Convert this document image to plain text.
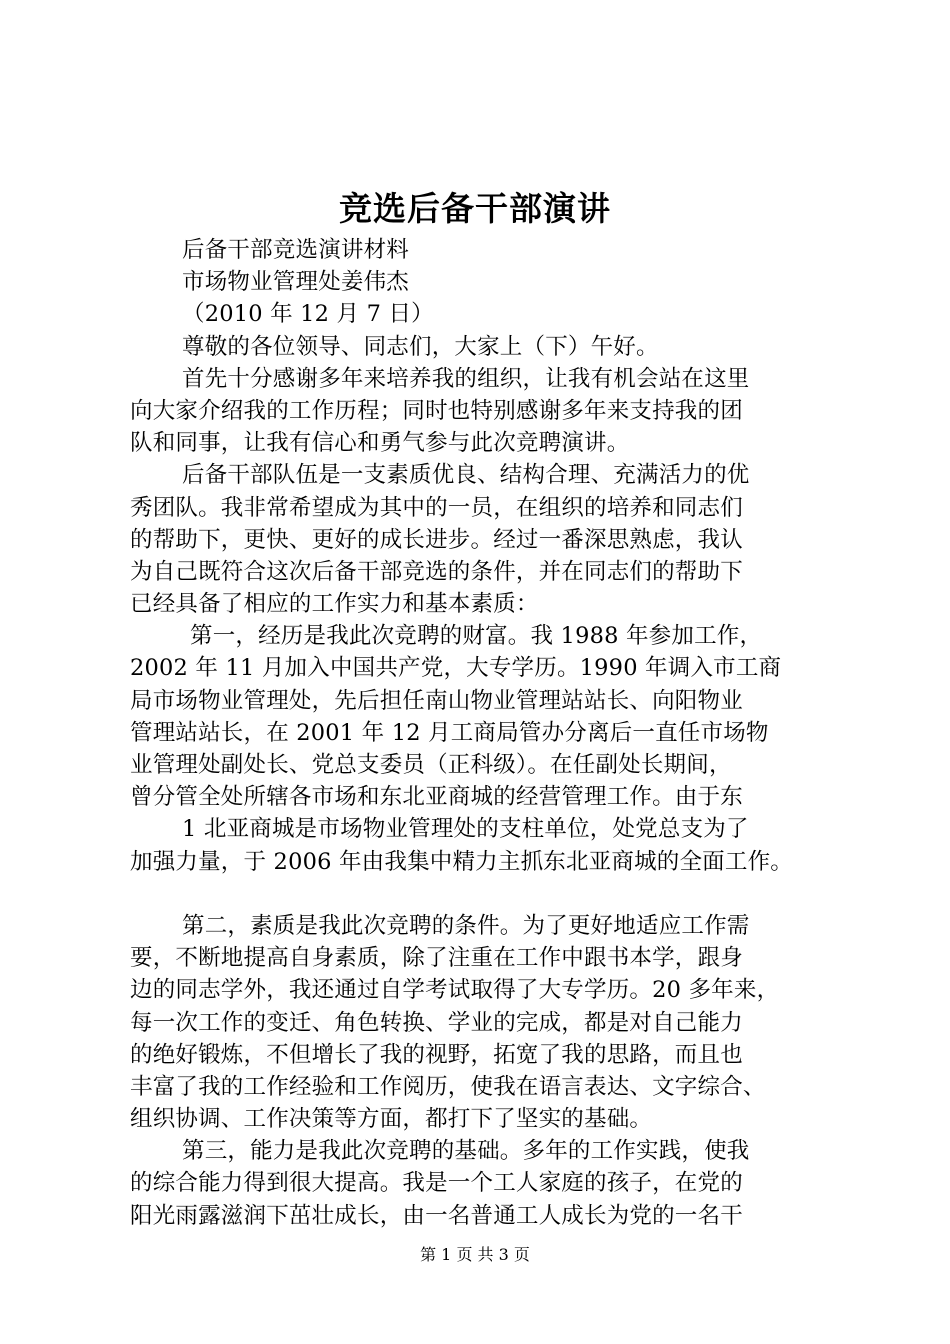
竞选后备干部演讲
后备干部竞选演讲材料
市场物业管理处姜伟杰
（2010 年 12 月 7 日）
尊敬的各位领导、同志们，大家上（下）午好。
首先十分感谢多年来培养我的组织，让我有机会站在这里
向大家介绍我的工作历程；同时也特别感谢多年来支持我的团
队和同事，让我有信心和勇气参与此次竞聘演讲。
后备干部队伍是一支素质优良、结构合理、充满活力的优
秀团队。我非常希望成为其中的一员，在组织的培养和同志们
的帮助下，更快、更好的成长进步。经过一番深思熟虑，我认
为自己既符合这次后备干部竞选的条件，并在同志们的帮助下
已经具备了相应的工作实力和基本素质：
第一，经历是我此次竞聘的财富。我 1988 年参加工作，
2002 年 11 月加入中国共产党，大专学历。1990 年调入市工商
局市场物业管理处，先后担任南山物业管理站站长、向阳物业
管理站站长，在 2001 年 12 月工商局管办分离后一直任市场物
业管理处副处长、党总支委员（正科级）。在任副处长期间，
曾分管全处所辖各市场和东北亚商城的经营管理工作。由于东
1 北亚商城是市场物业管理处的支柱单位，处党总支为了
加强力量，于 2006 年由我集中精力主抓东北亚商城的全面工作。
第二，素质是我此次竞聘的条件。为了更好地适应工作需
要，不断地提高自身素质，除了注重在工作中跟书本学，跟身
边的同志学外，我还通过自学考试取得了大专学历。20 多年来，
每一次工作的变迁、角色转换、学业的完成，都是对自己能力
的绝好锻炼，不但增长了我的视野，拓宽了我的思路，而且也
丰富了我的工作经验和工作阅历，使我在语言表达、文字综合、
组织协调、工作决策等方面，都打下了坚实的基础。
第三，能力是我此次竞聘的基础。多年的工作实践，使我
的综合能力得到很大提高。我是一个工人家庭的孩子，在党的
阳光雨露滋润下茁壮成长，由一名普通工人成长为党的一名干
第 1 页 共 3 页
